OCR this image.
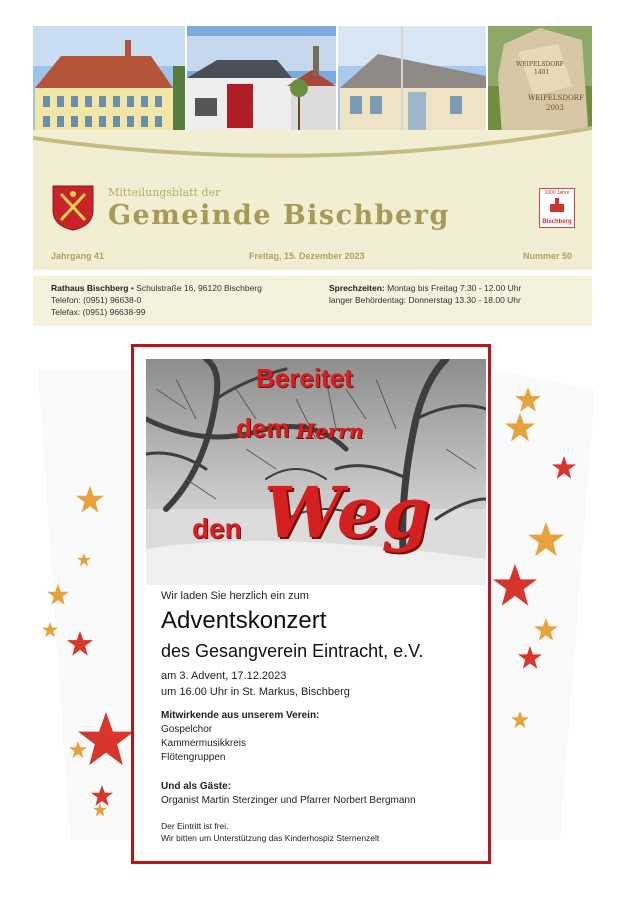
WEIPELSDORF
1401
WEIPELSDORF
2003
Mitteilungsblatt der
Gemeinde Bischberg
1000 Jahre
Bischberg
Jahrgang 41	Freitag, 15. Dezember 2023	Nummer 50
Rathaus Bischberg • Schulstraße 16, 96120 Bischberg
Telefon: (0951) 96638-0
Telefax: (0951) 96638-99
Sprechzeiten: Montag bis Freitag 7.30 - 12.00 Uhr
langer Behördentag: Donnerstag 13.30 - 18.00 Uhr
Bereitet
dem Herrn
den Weg
Wir laden Sie herzlich ein zum
Adventskonzert
des Gesangverein Eintracht, e.V.
am 3. Advent, 17.12.2023
um 16.00 Uhr in St. Markus, Bischberg
Mitwirkende aus unserem Verein:
Gospelchor
Kammermusikkreis
Flötengruppen
Und als Gäste:
Organist Martin Sterzinger und Pfarrer Norbert Bergmann
Der Eintritt ist frei.
Wir bitten um Unterstützung das Kinderhospiz Sternenzelt
